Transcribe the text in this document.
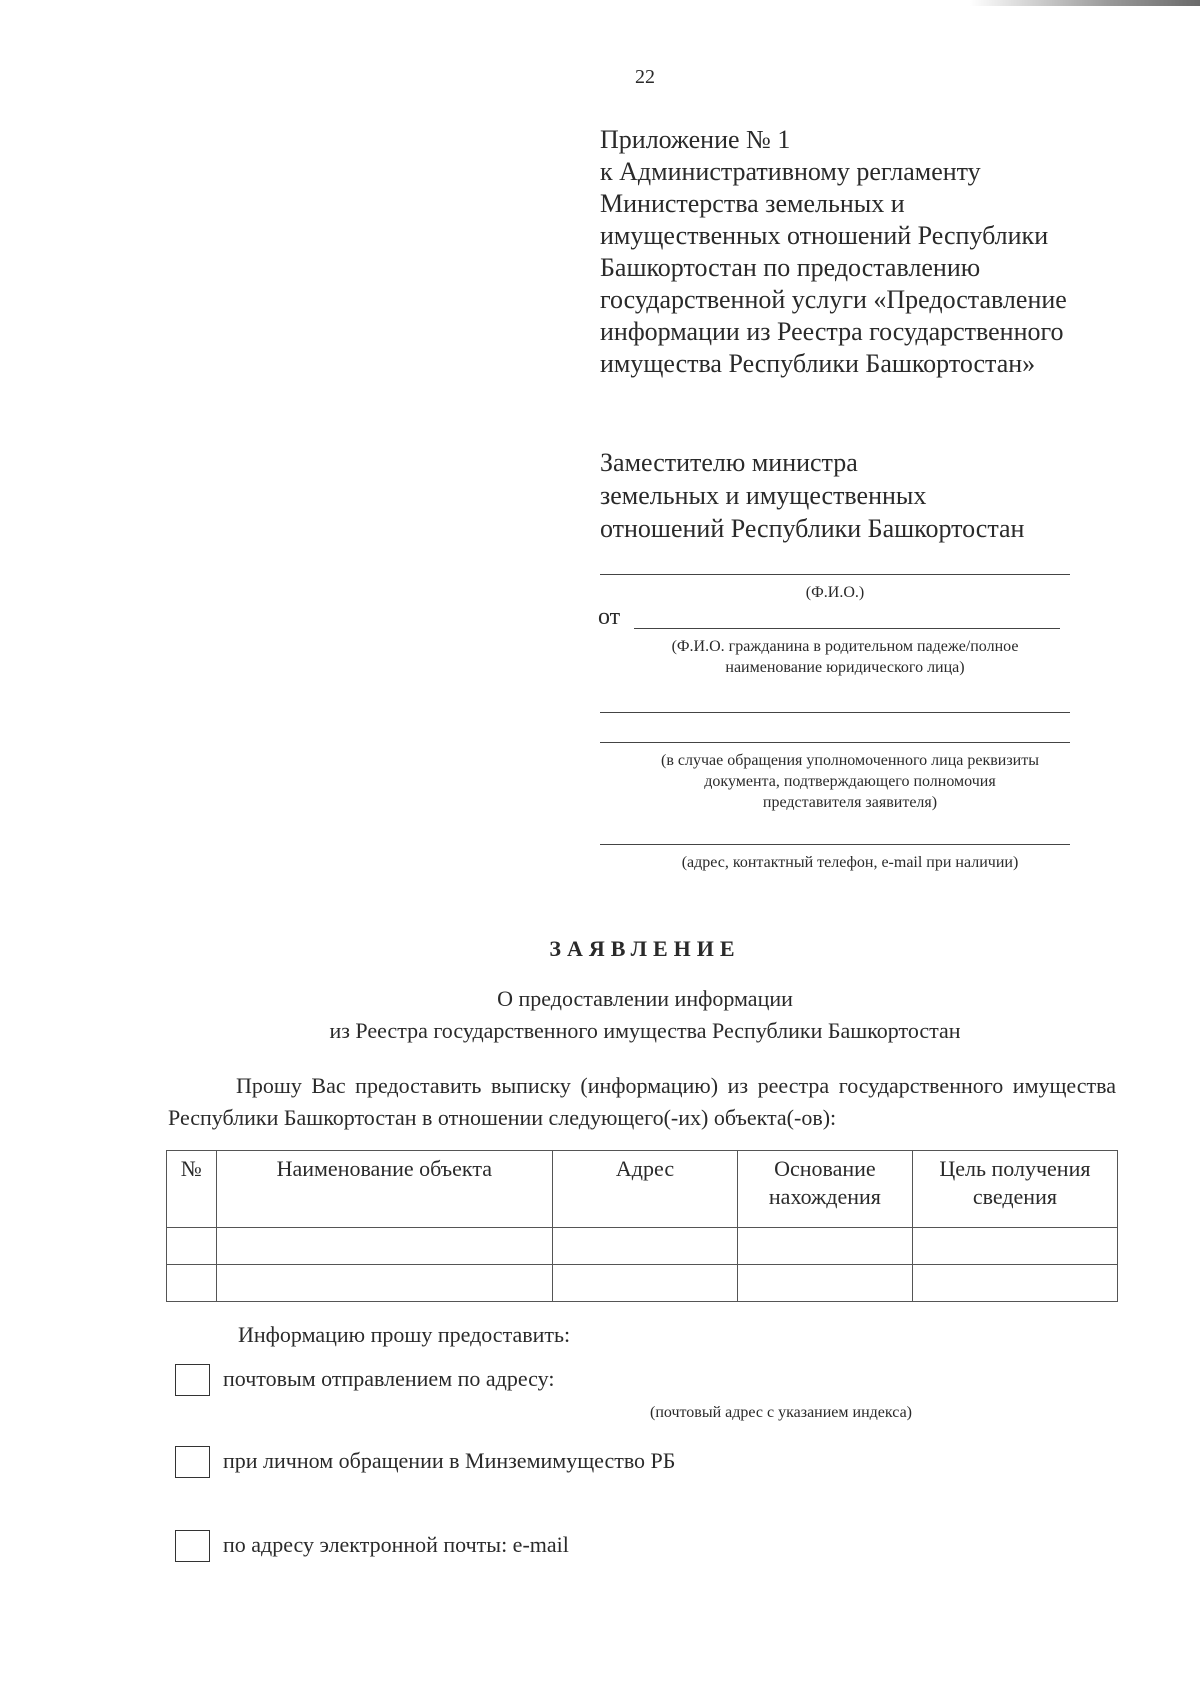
22
Приложение № 1
к Административному регламенту
Министерства земельных и
имущественных отношений Республики
Башкортостан по предоставлению
государственной услуги «Предоставление
информации из Реестра государственного
имущества Республики Башкортостан»
Заместителю министра
земельных и имущественных
отношений Республики Башкортостан
(Ф.И.О.)
от
(Ф.И.О. гражданина в родительном падеже/полное
наименование юридического лица)
(в случае обращения уполномоченного лица реквизиты
документа, подтверждающего полномочия
представителя заявителя)
(адрес, контактный телефон, e-mail при наличии)
ЗАЯВЛЕНИЕ
О предоставлении информации
из Реестра государственного имущества Республики Башкортостан
Прошу Вас предоставить выписку (информацию) из реестра государственного имущества Республики Башкортостан в отношении следующего(-их) объекта(-ов):
№	Наименование объекта	Адрес	Основание нахождения	Цель получения сведения

Информацию прошу предоставить:
почтовым отправлением по адресу:
(почтовый адрес с указанием индекса)
при личном обращении в Минземимущество РБ
по адресу электронной почты: e-mail
